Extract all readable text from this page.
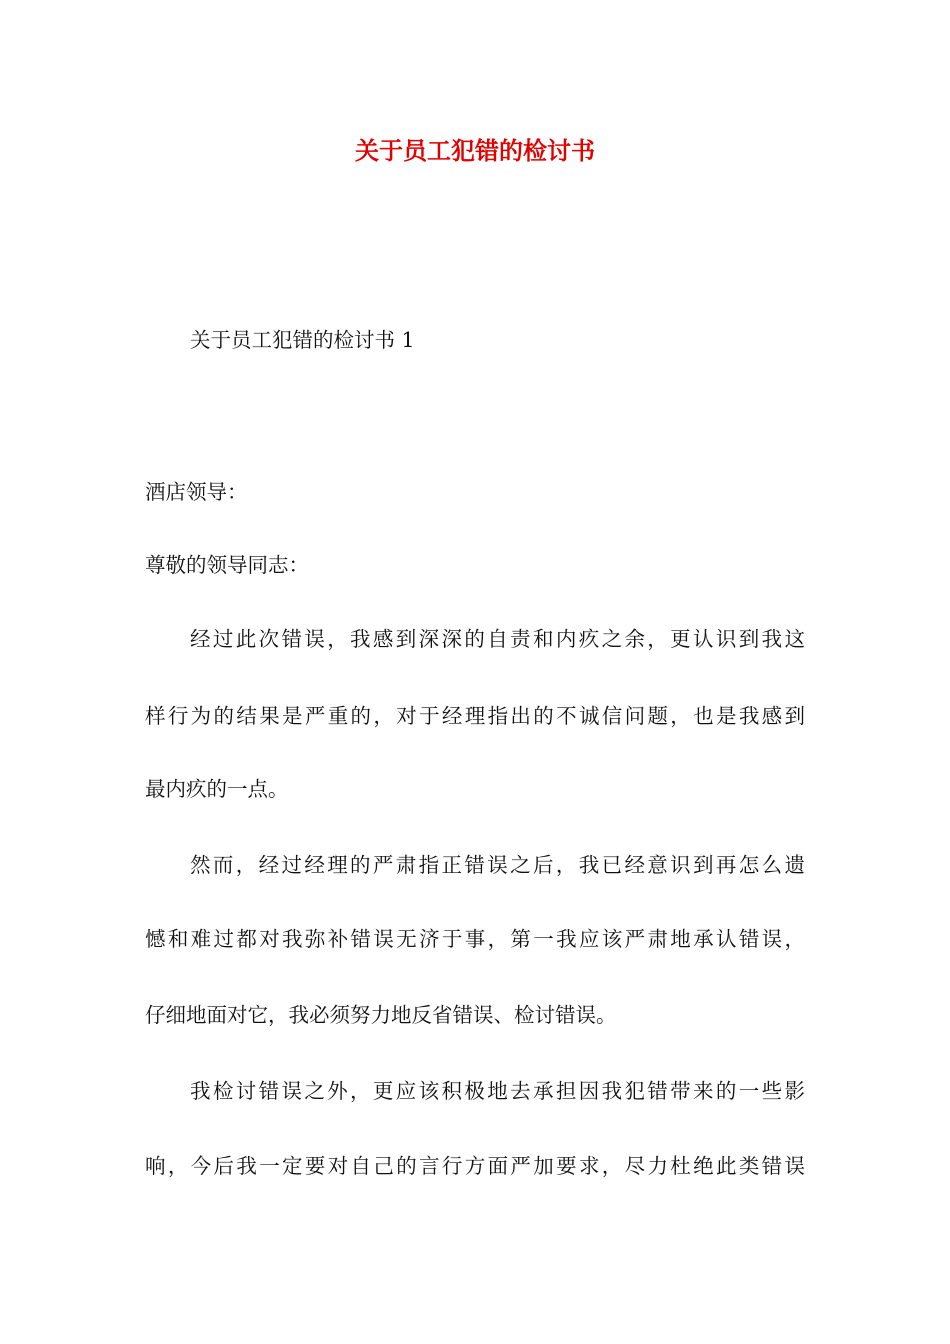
关于员工犯错的检讨书

关于员工犯错的检讨书 1

酒店领导：

尊敬的领导同志：

经过此次错误，我感到深深的自责和内疚之余，更认识到我这

样行为的结果是严重的，对于经理指出的不诚信问题，也是我感到

最内疚的一点。

然而，经过经理的严肃指正错误之后，我已经意识到再怎么遗

憾和难过都对我弥补错误无济于事，第一我应该严肃地承认错误，

仔细地面对它，我必须努力地反省错误、检讨错误。

我检讨错误之外，更应该积极地去承担因我犯错带来的一些影

响，今后我一定要对自己的言行方面严加要求，尽力杜绝此类错误
